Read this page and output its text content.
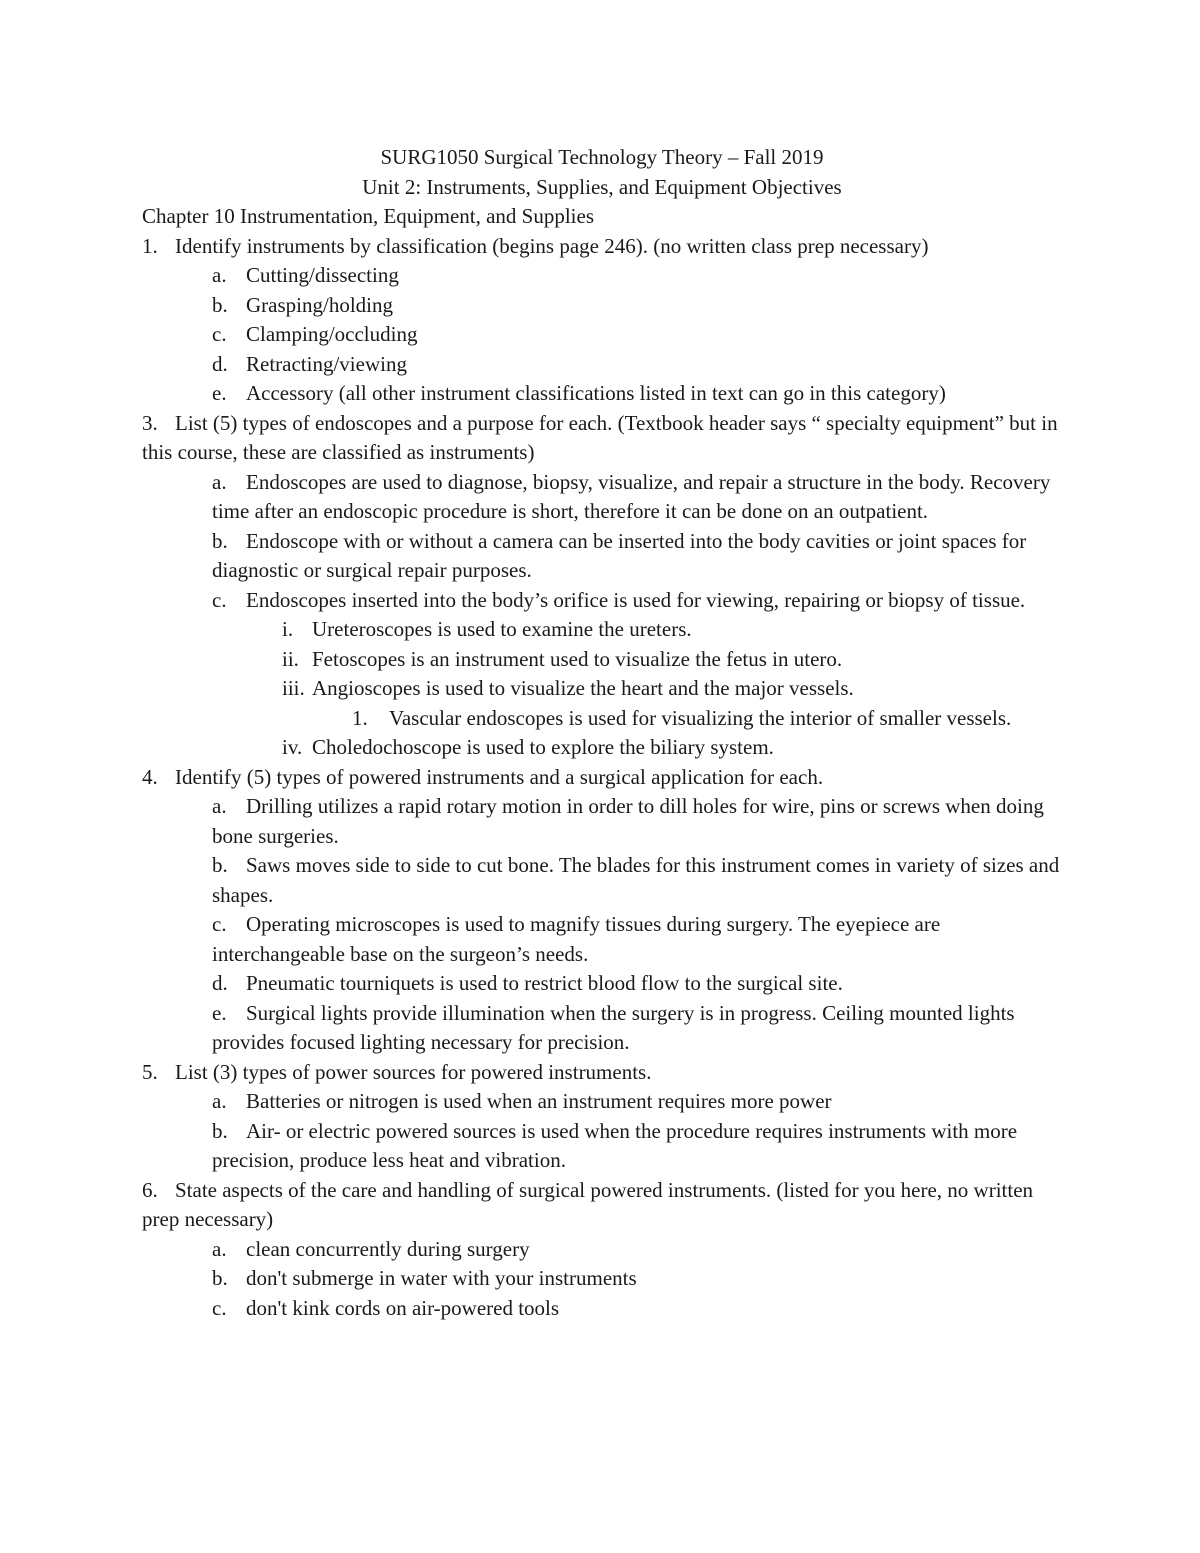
SURG1050 Surgical Technology Theory – Fall 2019
Unit 2: Instruments, Supplies, and Equipment Objectives
Chapter 10 Instrumentation, Equipment, and Supplies
1. Identify instruments by classification (begins page 246). (no written class prep necessary)
a. Cutting/dissecting
b. Grasping/holding
c. Clamping/occluding
d. Retracting/viewing
e. Accessory (all other instrument classifications listed in text can go in this category)
3. List (5) types of endoscopes and a purpose for each. (Textbook header says “ specialty equipment” but in this course, these are classified as instruments)
a. Endoscopes are used to diagnose, biopsy, visualize, and repair a structure in the body. Recovery time after an endoscopic procedure is short, therefore it can be done on an outpatient.
b. Endoscope with or without a camera can be inserted into the body cavities or joint spaces for diagnostic or surgical repair purposes.
c. Endoscopes inserted into the body’s orifice is used for viewing, repairing or biopsy of tissue.
i. Ureteroscopes is used to examine the ureters.
ii. Fetoscopes is an instrument used to visualize the fetus in utero.
iii. Angioscopes is used to visualize the heart and the major vessels.
1. Vascular endoscopes is used for visualizing the interior of smaller vessels.
iv. Choledochoscope is used to explore the biliary system.
4. Identify (5) types of powered instruments and a surgical application for each.
a. Drilling utilizes a rapid rotary motion in order to dill holes for wire, pins or screws when doing bone surgeries.
b. Saws moves side to side to cut bone. The blades for this instrument comes in variety of sizes and shapes.
c. Operating microscopes is used to magnify tissues during surgery. The eyepiece are interchangeable base on the surgeon’s needs.
d. Pneumatic tourniquets is used to restrict blood flow to the surgical site.
e. Surgical lights provide illumination when the surgery is in progress. Ceiling mounted lights provides focused lighting necessary for precision.
5. List (3) types of power sources for powered instruments.
a. Batteries or nitrogen is used when an instrument requires more power
b. Air- or electric powered sources is used when the procedure requires instruments with more precision, produce less heat and vibration.
6. State aspects of the care and handling of surgical powered instruments. (listed for you here, no written prep necessary)
a. clean concurrently during surgery
b. don't submerge in water with your instruments
c. don't kink cords on air-powered tools
